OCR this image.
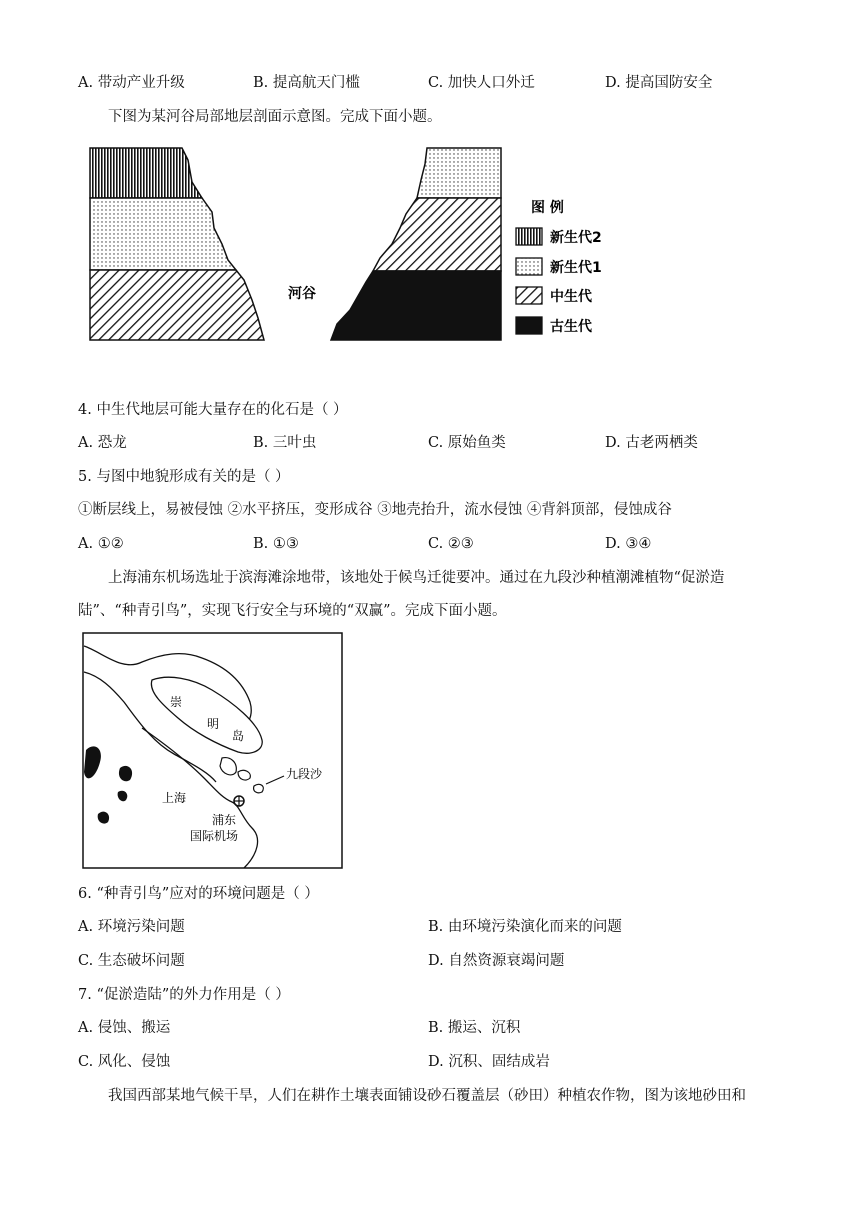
A. 带动产业升级	B. 提高航天门槛	C. 加快人口外迁	D. 提高国防安全
下图为某河谷局部地层剖面示意图。完成下面小题。
河谷
图 例
新生代2
新生代1
中生代
古生代
4. 中生代地层可能大量存在的化石是（ ）
A. 恐龙	B. 三叶虫	C. 原始鱼类	D. 古老两栖类
5. 与图中地貌形成有关的是（ ）
①断层线上，易被侵蚀 ②水平挤压，变形成谷 ③地壳抬升，流水侵蚀 ④背斜顶部，侵蚀成谷
A. ①②	B. ①③	C. ②③	D. ③④
上海浦东机场选址于滨海滩涂地带，该地处于候鸟迁徙要冲。通过在九段沙种植潮滩植物“促淤造
陆”、“种青引鸟”，实现飞行安全与环境的“双赢”。完成下面小题。
崇
明
岛
九段沙
上海
浦东
国际机场
6. “种青引鸟”应对的环境问题是（ ）
A. 环境污染问题	B. 由环境污染演化而来的问题
C. 生态破坏问题	D. 自然资源衰竭问题
7. “促淤造陆”的外力作用是（ ）
A. 侵蚀、搬运	B. 搬运、沉积
C. 风化、侵蚀	D. 沉积、固结成岩
我国西部某地气候干旱，人们在耕作土壤表面铺设砂石覆盖层（砂田）种植农作物，图为该地砂田和
